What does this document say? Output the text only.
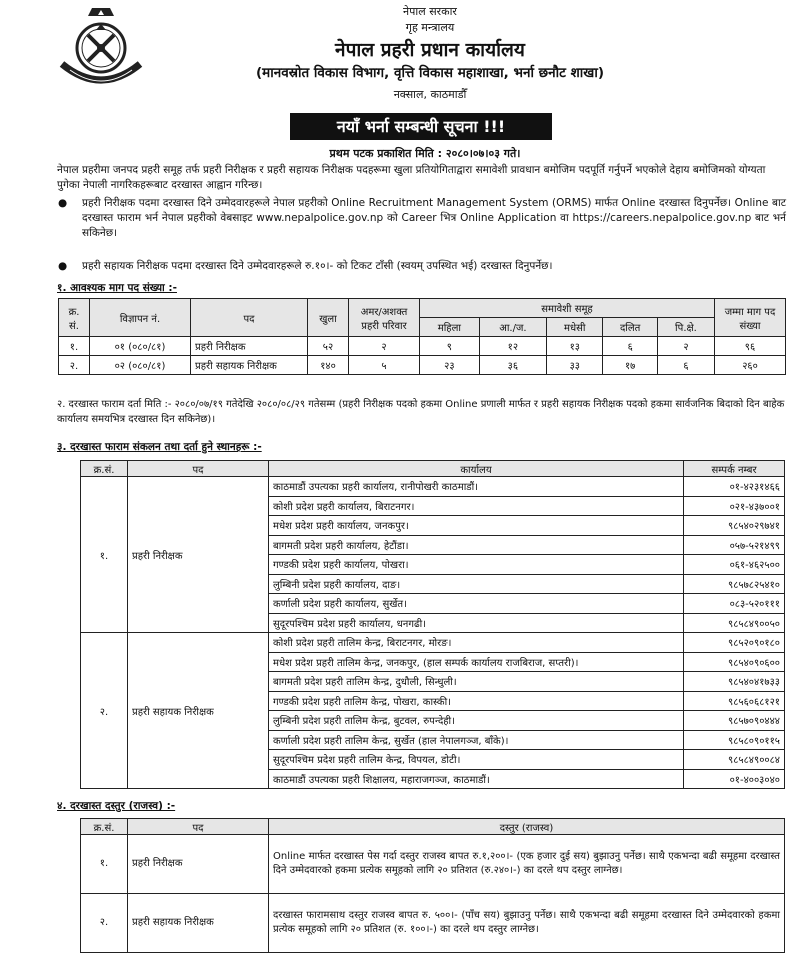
नेपाल सरकार
गृह मन्त्रालय
नेपाल प्रहरी प्रधान कार्यालय
(मानवस्रोत विकास विभाग, वृत्ति विकास महाशाखा, भर्ना छनौट शाखा)
नक्साल, काठमाडौँ
नयाँ भर्ना सम्बन्धी सूचना !!!
प्रथम पटक प्रकाशित मिति : २०८०।०७।०३ गते।
नेपाल प्रहरीमा जनपद प्रहरी समूह तर्फ प्रहरी निरीक्षक र प्रहरी सहायक निरीक्षक पदहरूमा खुला प्रतियोगिताद्वारा समावेशी प्रावधान बमोजिम पदपूर्ति गर्नुपर्ने भएकोले देहाय बमोजिमको योग्यता पुगेका नेपाली नागरिकहरूबाट दरखास्त आह्वान गरिन्छ।
● प्रहरी निरीक्षक पदमा दरखास्त दिने उम्मेदवारहरूले नेपाल प्रहरीको Online Recruitment Management System (ORMS) मार्फत Online दरखास्त दिनुपर्नेछ। Online बाट दरखास्त फाराम भर्न नेपाल प्रहरीको वेबसाइट www.nepalpolice.gov.np को Career भित्र Online Application वा https://careers.nepalpolice.gov.np बाट भर्न सकिनेछ।
● प्रहरी सहायक निरीक्षक पदमा दरखास्त दिने उम्मेदवारहरूले रु.१०।- को टिकट टाँसी (स्वयम् उपस्थित भई) दरखास्त दिनुपर्नेछ।
१. आवश्यक माग पद संख्या :-
क्र. सं.	विज्ञापन नं.	पद	खुला	अमर/अशक्त प्रहरी परिवार	समावेशी समूह					जम्मा माग पद संख्या
					महिला	आ./ज.	मधेसी	दलित	पि.क्षे.	
१.	०१ (०८०/८१)	प्रहरी निरीक्षक	५२	२	९	१२	१३	६	२	९६
२.	०२ (०८०/८१)	प्रहरी सहायक निरीक्षक	१४०	५	२३	३६	३३	१७	६	२६०
२. दरखास्त फाराम दर्ता मिति :- २०८०/०७/१९ गतेदेखि २०८०/०८/२९ गतेसम्म (प्रहरी निरीक्षक पदको हकमा Online प्रणाली मार्फत र प्रहरी सहायक निरीक्षक पदको हकमा सार्वजनिक बिदाको दिन बाहेक कार्यालय समयभित्र दरखास्त दिन सकिनेछ)।
३. दरखास्त फाराम संकलन तथा दर्ता हुने स्थानहरू :-
क्र.सं.	पद	कार्यालय	सम्पर्क नम्बर
१.	प्रहरी निरीक्षक	काठमाडौं उपत्यका प्रहरी कार्यालय, रानीपोखरी काठमाडौं।	०१-४२३१४६६
		कोशी प्रदेश प्रहरी कार्यालय, बिराटनगर।	०२१-४३७००१
		मधेश प्रदेश प्रहरी कार्यालय, जनकपुर।	९८५४०२९७४१
		बागमती प्रदेश प्रहरी कार्यालय, हेटौंडा।	०५७-५२१४९९
		गण्डकी प्रदेश प्रहरी कार्यालय, पोखरा।	०६१-४६२५००
		लुम्बिनी प्रदेश प्रहरी कार्यालय, दाङ।	९८५७८२५४१०
		कर्णाली प्रदेश प्रहरी कार्यालय, सुर्खेत।	०८३-५२०१११
		सुदूरपश्चिम प्रदेश प्रहरी कार्यालय, धनगढी।	९८५८४९००५०
२.	प्रहरी सहायक निरीक्षक	कोशी प्रदेश प्रहरी तालिम केन्द्र, बिराटनगर, मोरङ।	९८५२०९०१८०
		मधेश प्रदेश प्रहरी तालिम केन्द्र, जनकपुर, (हाल सम्पर्क कार्यालय राजबिराज, सप्तरी)।	९८५४०९०६००
		बागमती प्रदेश प्रहरी तालिम केन्द्र, दुधौली, सिन्धुली।	९८५४०४१७३३
		गण्डकी प्रदेश प्रहरी तालिम केन्द्र, पोखरा, कास्की।	९८५६०६८१२१
		लुम्बिनी प्रदेश प्रहरी तालिम केन्द्र, बुटवल, रुपन्देही।	९८५७०९०४४४
		कर्णाली प्रदेश प्रहरी तालिम केन्द्र, सुर्खेत (हाल नेपालगञ्ज, बाँके)।	९८५८०९०११५
		सुदूरपश्चिम प्रदेश प्रहरी तालिम केन्द्र, विपयल, डोटी।	९८५८४९००८४
		काठमाडौं उपत्यका प्रहरी शिक्षालय, महाराजगञ्ज, काठमाडौं।	०१-४००३०४०
४. दरखास्त दस्तुर (राजस्व) :-
क्र.सं.	पद	दस्तुर (राजस्व)
१.	प्रहरी निरीक्षक	Online मार्फत दरखास्त पेस गर्दा दस्तुर राजस्व बापत रु.१,२००।- (एक हजार दुई सय) बुझाउनु पर्नेछ। साथै एकभन्दा बढी समूहमा दरखास्त दिने उम्मेदवारको हकमा प्रत्येक समूहको लागि २० प्रतिशत (रु.२४०।-) का दरले थप दस्तुर लाग्नेछ।
२.	प्रहरी सहायक निरीक्षक	दरखास्त फारामसाथ दस्तुर राजस्व बापत रु. ५००।- (पाँच सय) बुझाउनु पर्नेछ। साथै एकभन्दा बढी समूहमा दरखास्त दिने उम्मेदवारको हकमा प्रत्येक समूहको लागि २० प्रतिशत (रु. १००।-) का दरले थप दस्तुर लाग्नेछ।
